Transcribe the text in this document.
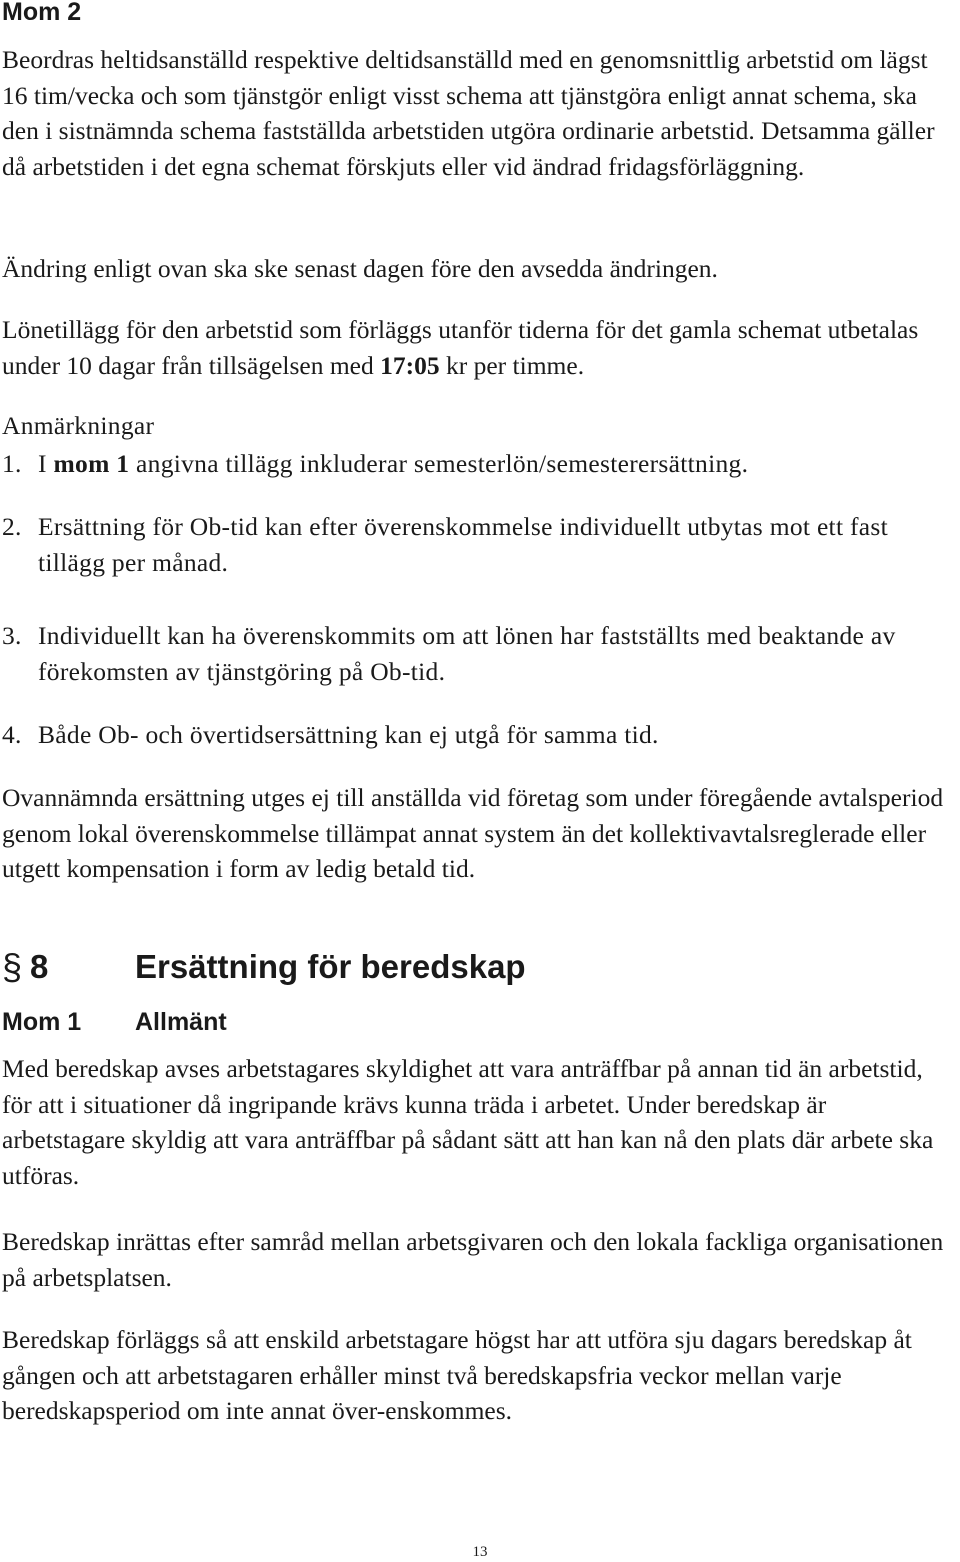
Mom 2

Beordras heltidsanställd respektive deltidsanställd med en genomsnittlig arbetstid om lägst 16 tim/vecka och som tjänstgör enligt visst schema att tjänstgöra enligt annat schema, ska den i sistnämnda schema fastställda arbetstiden utgöra ordinarie arbetstid. Detsamma gäller då arbetstiden i det egna schemat förskjuts eller vid ändrad fridagsförläggning.

Ändring enligt ovan ska ske senast dagen före den avsedda ändringen.

Lönetillägg för den arbetstid som förläggs utanför tiderna för det gamla schemat utbetalas under 10 dagar från tillsägelsen med 17:05 kr per timme.

Anmärkningar
1. I mom 1 angivna tillägg inkluderar semesterlön/semesterersättning.
2. Ersättning för Ob-tid kan efter överenskommelse individuellt utbytas mot ett fast tillägg per månad.
3. Individuellt kan ha överenskommits om att lönen har fastställts med beaktande av förekomsten av tjänstgöring på Ob-tid.
4. Både Ob- och övertidsersättning kan ej utgå för samma tid.

Ovannämnda ersättning utges ej till anställda vid företag som under föregående avtalsperiod genom lokal överenskommelse tillämpat annat system än det kollektivavtalsreglerade eller utgett kompensation i form av ledig betald tid.

§ 8	Ersättning för beredskap
Mom 1 Allmänt

Med beredskap avses arbetstagares skyldighet att vara anträffbar på annan tid än arbetstid, för att i situationer då ingripande krävs kunna träda i arbetet. Under beredskap är arbetstagare skyldig att vara anträffbar på sådant sätt att han kan nå den plats där arbete ska utföras.

Beredskap inrättas efter samråd mellan arbetsgivaren och den lokala fackliga organisationen på arbetsplatsen.

Beredskap förläggs så att enskild arbetstagare högst har att utföra sju dagars beredskap åt gången och att arbetstagaren erhåller minst två beredskapsfria veckor mellan varje beredskapsperiod om inte annat över-enskommes.

13
